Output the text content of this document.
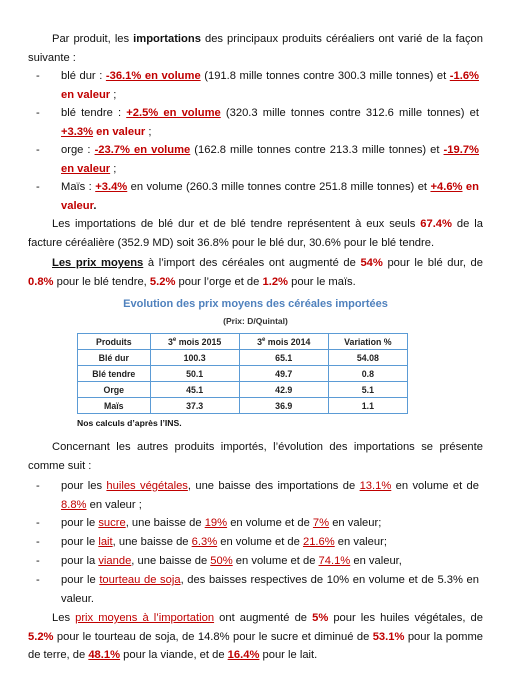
Par produit, les importations des principaux produits céréaliers ont varié de la façon suivante :

- blé dur : -36.1% en volume (191.8 mille tonnes contre 300.3 mille tonnes) et -1.6% en valeur ;
- blé tendre : +2.5% en volume (320.3 mille tonnes contre 312.6 mille tonnes) et +3.3% en valeur ;
- orge : -23.7% en volume (162.8 mille tonnes contre 213.3 mille tonnes) et -19.7% en valeur ;
- Maïs : +3.4% en volume (260.3 mille tonnes contre 251.8 mille tonnes) et +4.6% en valeur.

Les importations de blé dur et de blé tendre représentent à eux seuls 67.4% de la facture céréalière (352.9 MD) soit 36.8% pour le blé dur, 30.6% pour le blé tendre.

Les prix moyens à l’import des céréales ont augmenté de 54% pour le blé dur, de 0.8% pour le blé tendre, 5.2% pour l’orge et de 1.2% pour le maïs.

Evolution des prix moyens des céréales importées
(Prix: D/Quintal)
Produits	3e mois 2015	3e mois 2014	Variation %
Blé dur	100.3	65.1	54.08
Blé tendre	50.1	49.7	0.8
Orge	45.1	42.9	5.1
Maïs	37.3	36.9	1.1
Nos calculs d’après l’INS.

Concernant les autres produits importés, l’évolution des importations se présente comme suit :

- pour les huiles végétales, une baisse des importations de 13.1% en volume et de 8.8% en valeur ;
- pour le sucre, une baisse de 19% en volume et de 7% en valeur;
- pour le lait, une baisse de 6.3% en volume et de 21.6% en valeur;
- pour la viande, une baisse de 50% en volume et de 74.1% en valeur,
- pour le tourteau de soja, des baisses respectives de 10% en volume et de 5.3% en valeur.

Les prix moyens à l’importation ont augmenté de 5% pour les huiles végétales, de 5.2% pour le tourteau de soja, de 14.8% pour le sucre et diminué de 53.1% pour la pomme de terre, de 48.1% pour la viande, et de 16.4% pour le lait.
